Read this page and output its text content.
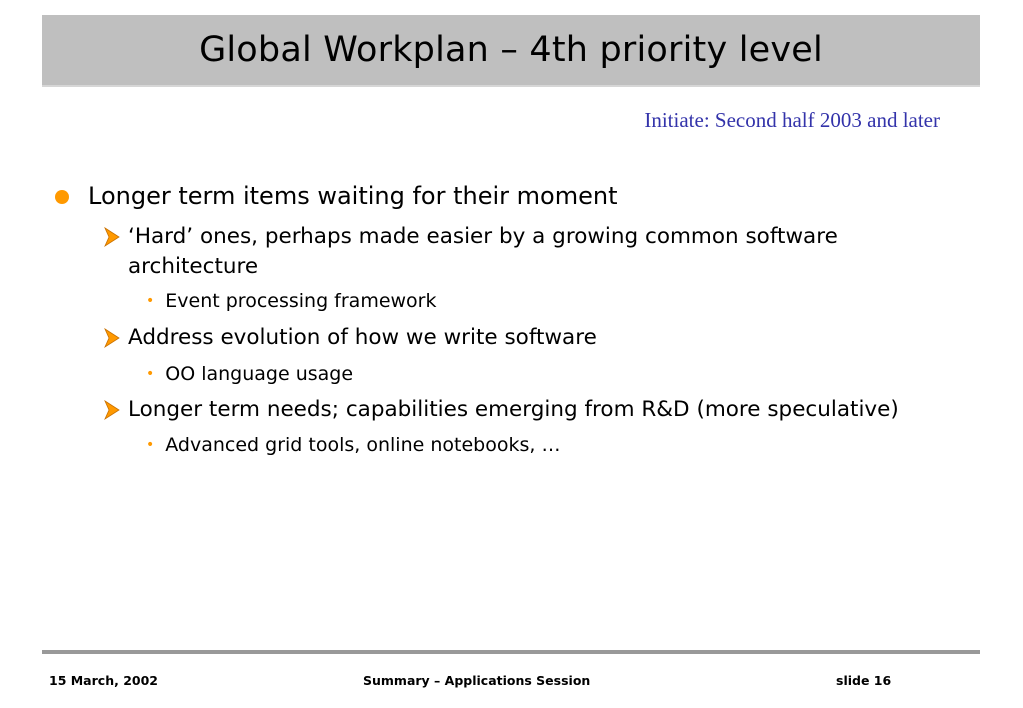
Global Workplan – 4th priority level
Initiate: Second half 2003 and later
Longer term items waiting for their moment
‘Hard’ ones, perhaps made easier by a growing common software
architecture
• Event processing framework
Address evolution of how we write software
• OO language usage
Longer term needs; capabilities emerging from R&D (more speculative)
• Advanced grid tools, online notebooks, …
15 March, 2002	Summary – Applications Session	slide 16
